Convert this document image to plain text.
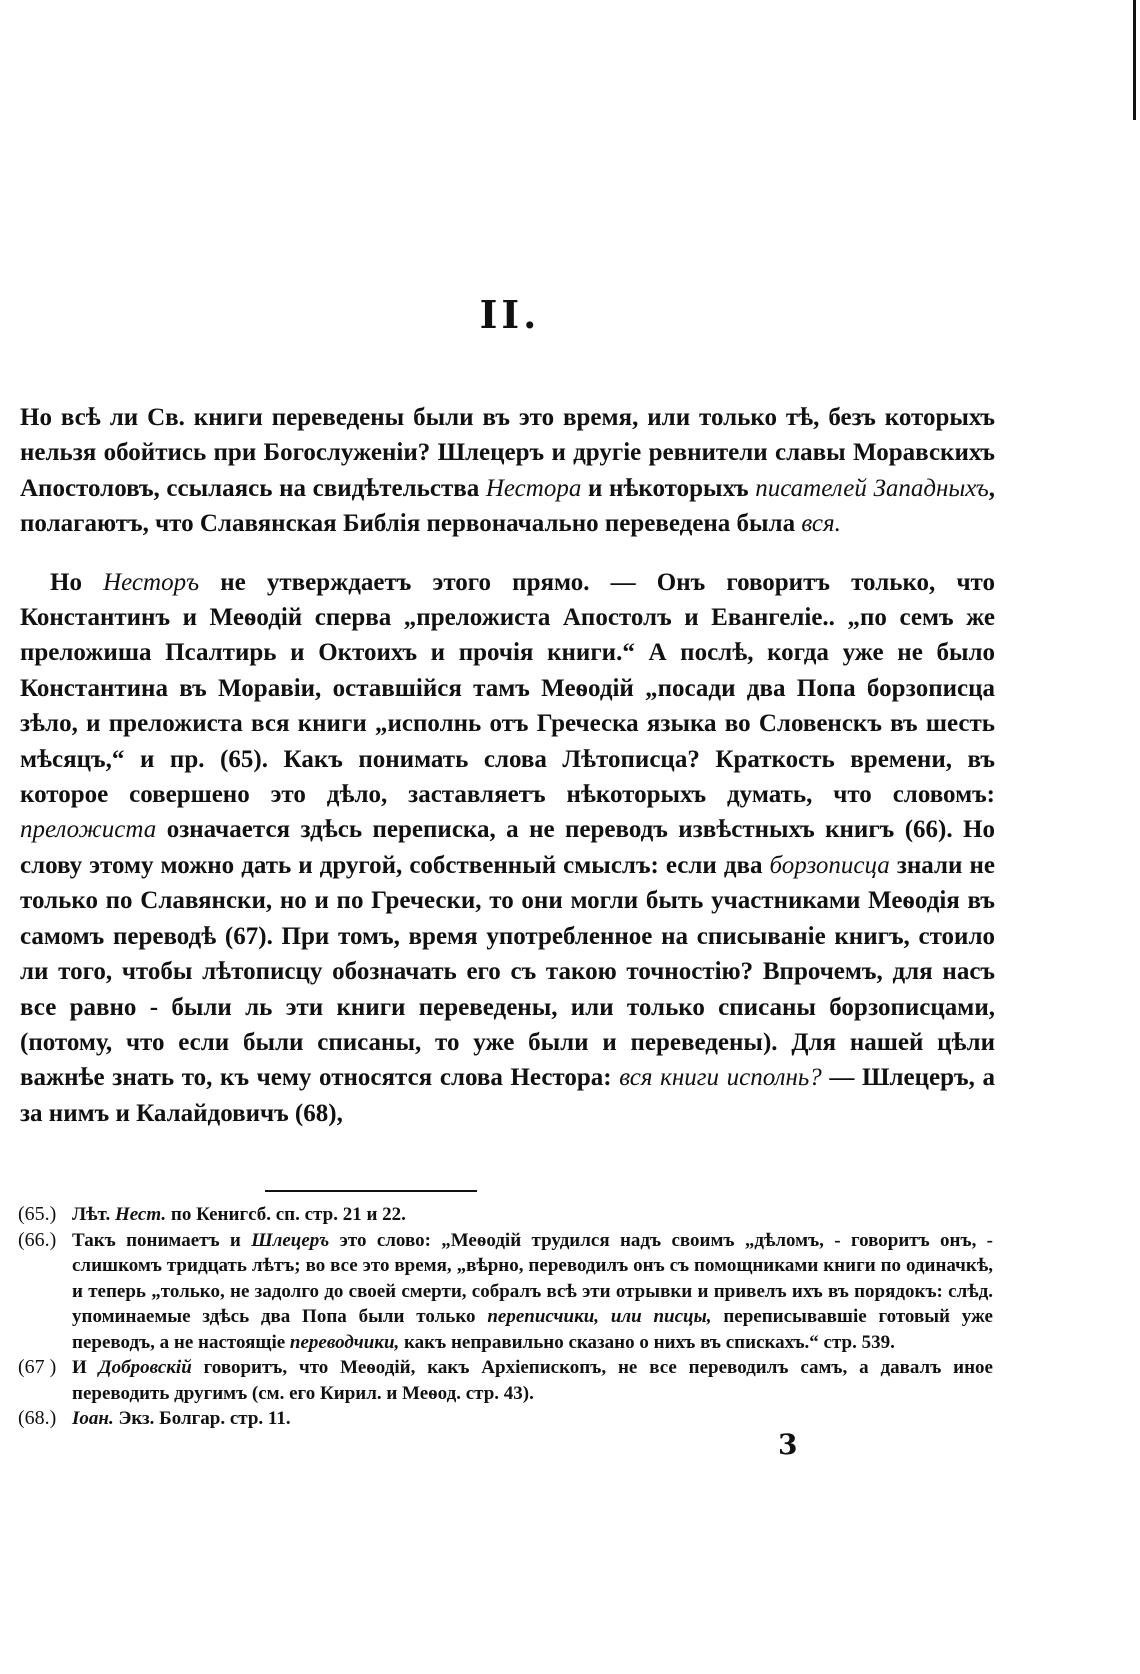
II.

Но всѣ ли Св. книги переведены были въ это время, или только тѣ, безъ которыхъ нельзя обойтись при Богослуженіи? Шлецеръ и другіе ревнители славы Моравскихъ Апостоловъ, ссылаясь на свидѣтельства Нестора и нѣкоторыхъ писателей Западныхъ, полагаютъ, что Славянская Библія первоначально переведена была вся.

Но Несторъ не утверждаетъ этого прямо. — Онъ говоритъ только, что Константинъ и Меѳодій сперва „преложиста Апостолъ и Евангеліе.. „по семъ же преложиша Псалтирь и Октоихъ и прочія книги.“ А послѣ, когда уже не было Константина въ Моравіи, оставшійся тамъ Меѳодій „посади два Попа борзописца зѣло, и преложиста вся книги „исполнь отъ Греческа языка во Словенскъ въ шесть мѣсяцъ,“ и пр. (65). Какъ понимать слова Лѣтописца? Краткость времени, въ которое совершено это дѣло, заставляетъ нѣкоторыхъ думать, что словомъ: преложиста означается здѣсь переписка, а не переводъ извѣстныхъ книгъ (66). Но слову этому можно дать и другой, собственный смыслъ: если два борзописца знали не только по Славянски, но и по Гречески, то они могли быть участниками Меѳодія въ самомъ переводѣ (67). При томъ, время употребленное на списываніе книгъ, стоило ли того, чтобы лѣтописцу обозначать его съ такою точностію? Впрочемъ, для насъ все равно - были ль эти книги переведены, или только списаны борзописцами, (потому, что если были списаны, то уже были и переведены). Для нашей цѣли важнѣе знать то, къ чему относятся слова Нестора: вся книги исполнь? — Шлецеръ, а за нимъ и Калайдовичъ (68),

(65.) Лѣт. Нест. по Кенигсб. сп. стр. 21 и 22.
(66.) Такъ понимаетъ и Шлецеръ это слово: „Меѳодій трудился надъ своимъ „дѣломъ, - говоритъ онъ, - слишкомъ тридцать лѣтъ; во все это время, „вѣрно, переводилъ онъ съ помощниками книги по одиначкѣ, и теперь „только, не задолго до своей смерти, собралъ всѣ эти отрывки и привелъ ихъ въ порядокъ: слѣд. упоминаемые здѣсь два Попа были только переписчики, или писцы, переписывавшіе готовый уже переводъ, а не настоящіе переводчики, какъ неправильно сказано о нихъ въ спискахъ.“ стр. 539.
(67 ) И Добровскій говоритъ, что Меѳодій, какъ Архіепископъ, не все переводилъ самъ, а давалъ иное переводить другимъ (см. его Кирил. и Меѳод. стр. 43).
(68.) Іоан. Экз. Болгар. стр. 11.
3
